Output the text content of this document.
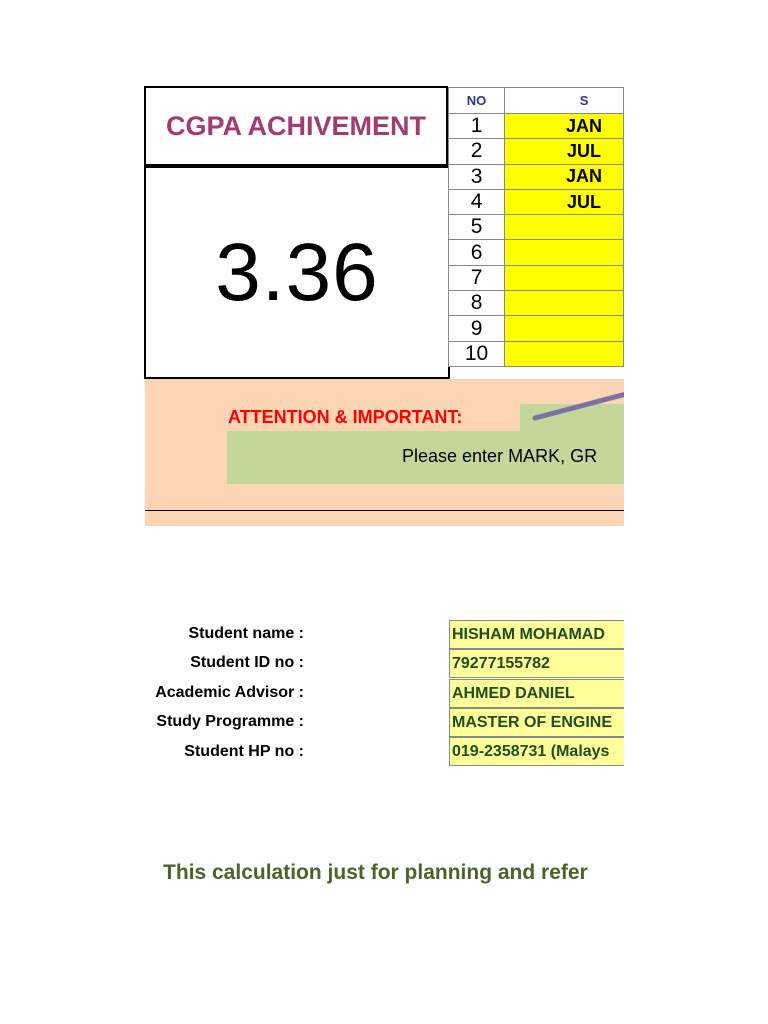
CGPA ACHIVEMENT
3.36
NO	S
1	JAN
2	JUL
3	JAN
4	JUL
5	
6	
7	
8	
9	
10	
ATTENTION & IMPORTANT:
Please enter MARK, GR
Student name :	HISHAM MOHAMAD
Student ID no :	79277155782
Academic Advisor :	AHMED DANIEL
Study Programme :	MASTER OF ENGINE
Student HP no :	019-2358731 (Malays
This calculation just for planning and refer
